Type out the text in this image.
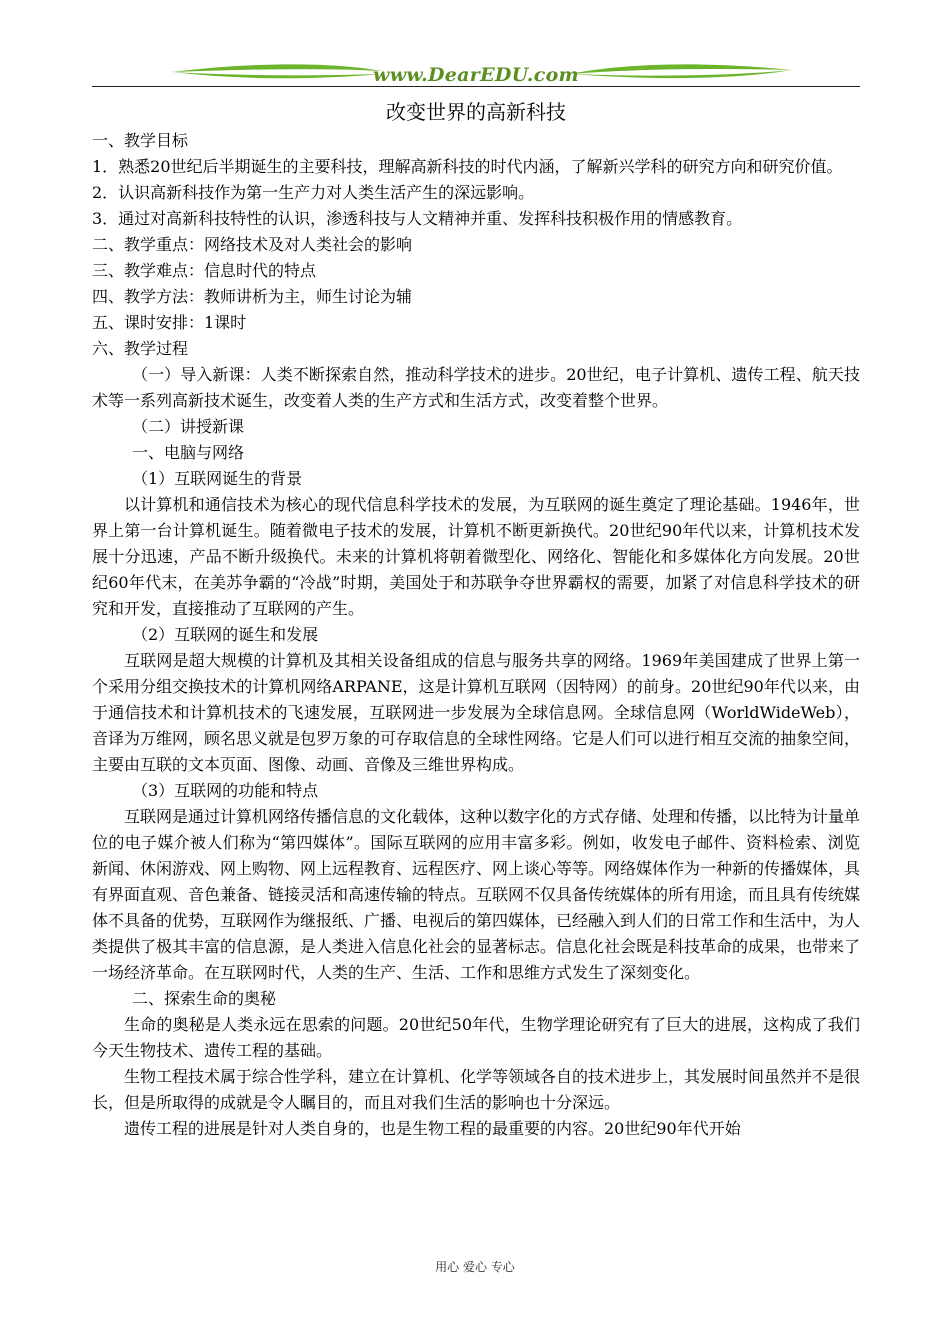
www.DearEDU.com
改变世界的高新科技

一、教学目标

1．熟悉20世纪后半期诞生的主要科技，理解高新科技的时代内涵，了解新兴学科的研究方向和研究价值。

2．认识高新科技作为第一生产力对人类生活产生的深远影响。

3．通过对高新科技特性的认识，渗透科技与人文精神并重、发挥科技积极作用的情感教育。

二、教学重点：网络技术及对人类社会的影响

三、教学难点：信息时代的特点

四、教学方法：教师讲析为主，师生讨论为辅

五、课时安排：1课时

六、教学过程

（一）导入新课：人类不断探索自然，推动科学技术的进步。20世纪，电子计算机、遗传工程、航天技术等一系列高新技术诞生，改变着人类的生产方式和生活方式，改变着整个世界。

（二）讲授新课

一、电脑与网络

（1）互联网诞生的背景

以计算机和通信技术为核心的现代信息科学技术的发展，为互联网的诞生奠定了理论基础。1946年，世界上第一台计算机诞生。随着微电子技术的发展，计算机不断更新换代。20世纪90年代以来，计算机技术发展十分迅速，产品不断升级换代。未来的计算机将朝着微型化、网络化、智能化和多媒体化方向发展。20世纪60年代末，在美苏争霸的“冷战”时期，美国处于和苏联争夺世界霸权的需要，加紧了对信息科学技术的研究和开发，直接推动了互联网的产生。

（2）互联网的诞生和发展

互联网是超大规模的计算机及其相关设备组成的信息与服务共享的网络。1969年美国建成了世界上第一个采用分组交换技术的计算机网络ARPANE，这是计算机互联网（因特网）的前身。20世纪90年代以来，由于通信技术和计算机技术的飞速发展，互联网进一步发展为全球信息网。全球信息网（WorldWideWeb），音译为万维网，顾名思义就是包罗万象的可存取信息的全球性网络。它是人们可以进行相互交流的抽象空间，主要由互联的文本页面、图像、动画、音像及三维世界构成。

（3）互联网的功能和特点

互联网是通过计算机网络传播信息的文化载体，这种以数字化的方式存储、处理和传播，以比特为计量单位的电子媒介被人们称为“第四媒体”。国际互联网的应用丰富多彩。例如，收发电子邮件、资料检索、浏览新闻、休闲游戏、网上购物、网上远程教育、远程医疗、网上谈心等等。网络媒体作为一种新的传播媒体，具有界面直观、音色兼备、链接灵活和高速传输的特点。互联网不仅具备传统媒体的所有用途，而且具有传统媒体不具备的优势，互联网作为继报纸、广播、电视后的第四媒体，已经融入到人们的日常工作和生活中，为人类提供了极其丰富的信息源，是人类进入信息化社会的显著标志。信息化社会既是科技革命的成果，也带来了一场经济革命。在互联网时代，人类的生产、生活、工作和思维方式发生了深刻变化。

二、探索生命的奥秘

生命的奥秘是人类永远在思索的问题。20世纪50年代，生物学理论研究有了巨大的进展，这构成了我们今天生物技术、遗传工程的基础。

生物工程技术属于综合性学科，建立在计算机、化学等领域各自的技术进步上，其发展时间虽然并不是很长，但是所取得的成就是令人瞩目的，而且对我们生活的影响也十分深远。

遗传工程的进展是针对人类自身的，也是生物工程的最重要的内容。20世纪90年代开始

用心 爱心 专心
